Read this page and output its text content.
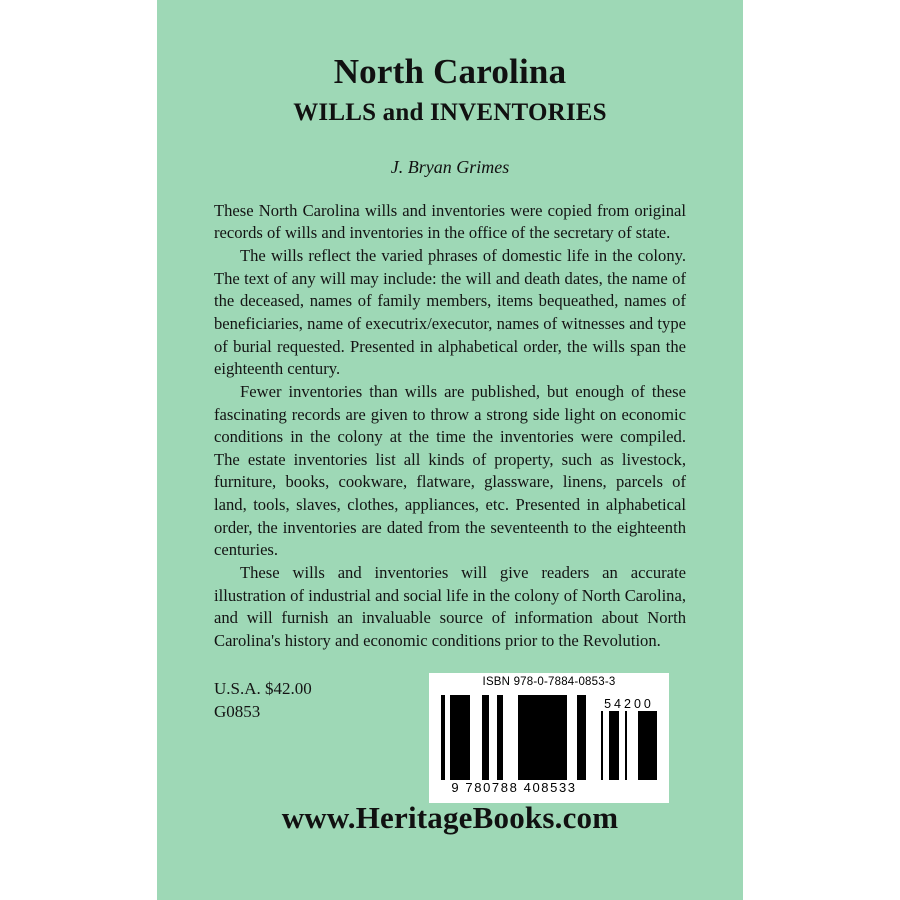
North Carolina
WILLS and INVENTORIES
J. Bryan Grimes

These North Carolina wills and inventories were copied from original records of wills and inventories in the office of the secretary of state.

The wills reflect the varied phrases of domestic life in the colony. The text of any will may include: the will and death dates, the name of the deceased, names of family members, items bequeathed, names of beneficiaries, name of executrix/executor, names of witnesses and type of burial requested. Presented in alphabetical order, the wills span the eighteenth century.

Fewer inventories than wills are published, but enough of these fascinating records are given to throw a strong side light on economic conditions in the colony at the time the inventories were compiled. The estate inventories list all kinds of property, such as livestock, furniture, books, cookware, flatware, glassware, linens, parcels of land, tools, slaves, clothes, appliances, etc. Presented in alphabetical order, the inventories are dated from the seventeenth to the eighteenth centuries.

These wills and inventories will give readers an accurate illustration of industrial and social life in the colony of North Carolina, and will furnish an invaluable source of information about North Carolina's history and economic conditions prior to the Revolution.

U.S.A. $42.00
G0853
ISBN 978-0-7884-0853-3
9 780788 408533
54200
www.HeritageBooks.com
